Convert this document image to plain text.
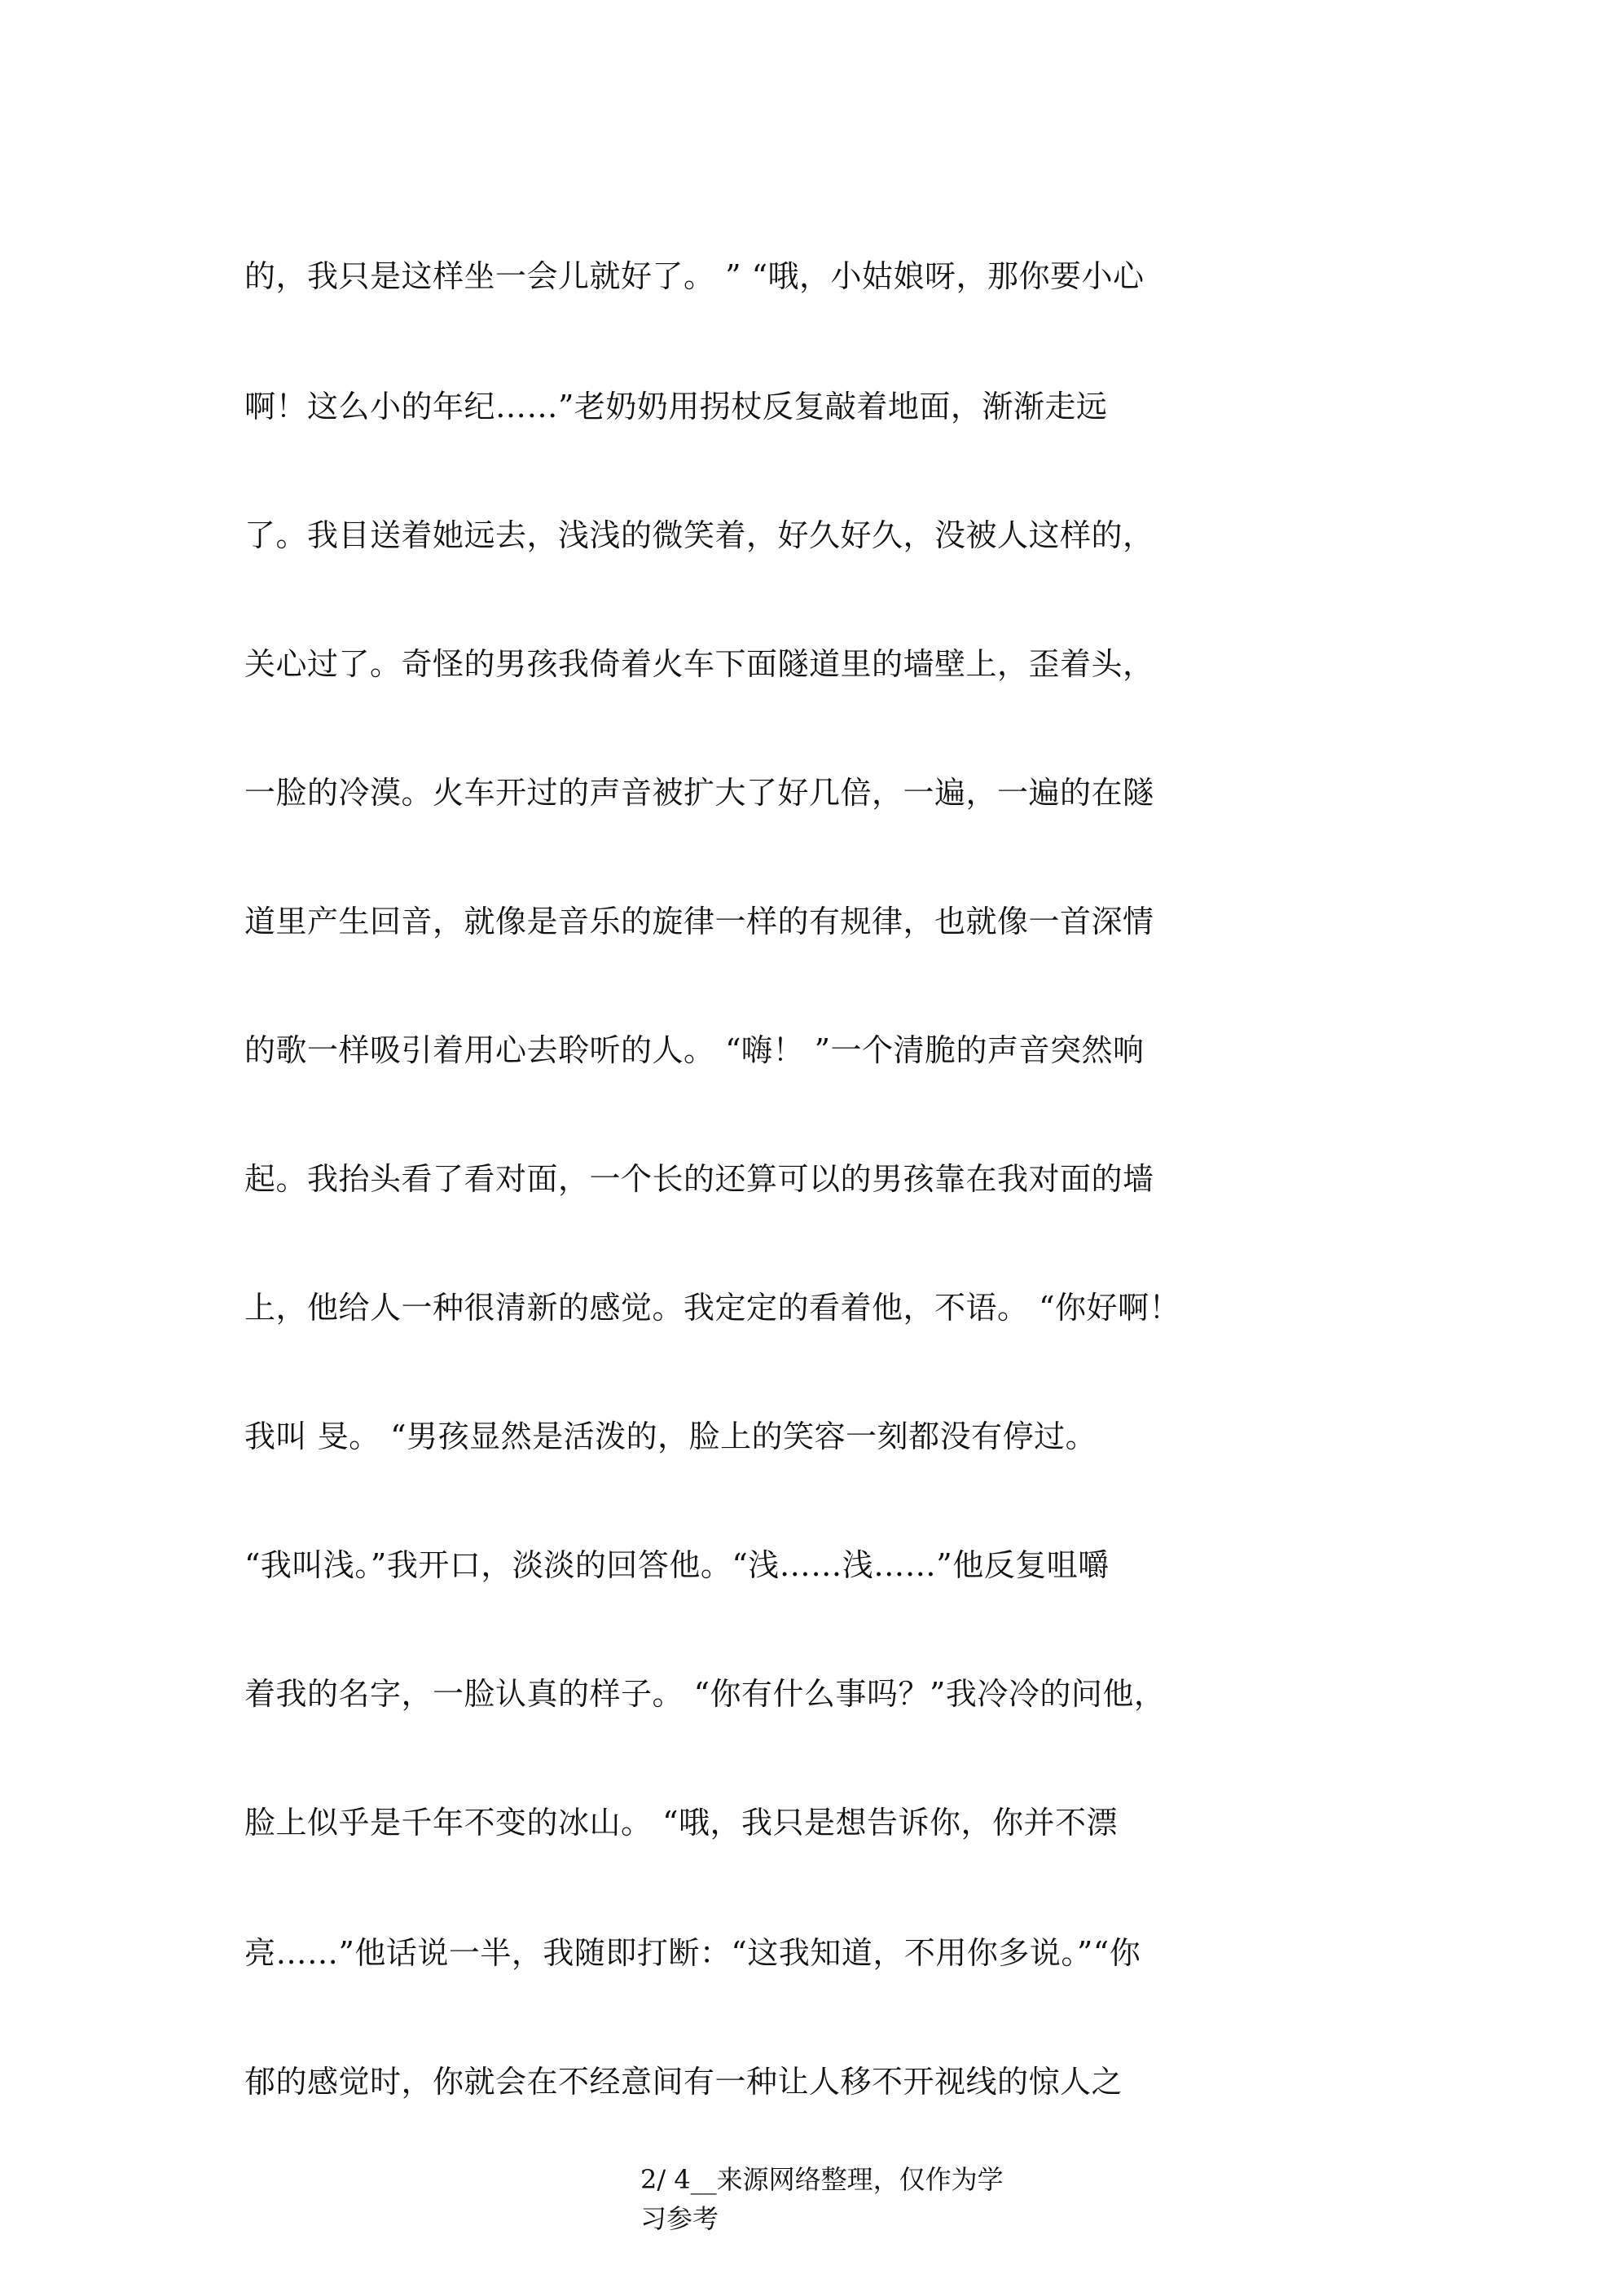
的，我只是这样坐一会儿就好了。 ” “哦，小姑娘呀，那你要小心
啊！这么小的年纪……”老奶奶用拐杖反复敲着地面，渐渐走远
了。我目送着她远去，浅浅的微笑着，好久好久，没被人这样的，
关心过了。奇怪的男孩我倚着火车下面隧道里的墙壁上，歪着头，
一脸的冷漠。火车开过的声音被扩大了好几倍，一遍，一遍的在隧
道里产生回音，就像是音乐的旋律一样的有规律，也就像一首深情
的歌一样吸引着用心去聆听的人。 “嗨！ ”一个清脆的声音突然响
起。我抬头看了看对面，一个长的还算可以的男孩靠在我对面的墙
上，他给人一种很清新的感觉。我定定的看着他，不语。 “你好啊！
我叫 旻。 “男孩显然是活泼的，脸上的笑容一刻都没有停过。
“我叫浅。”我开口，淡淡的回答他。“浅……浅……”他反复咀嚼
着我的名字，一脸认真的样子。 “你有什么事吗？”我冷冷的问他，
脸上似乎是千年不变的冰山。 “哦，我只是想告诉你，你并不漂
亮……”他话说一半，我随即打断：“这我知道，不用你多说。”“你
郁的感觉时，你就会在不经意间有一种让人移不开视线的惊人之
2/ 4__来源网络整理，仅作为学
习参考
